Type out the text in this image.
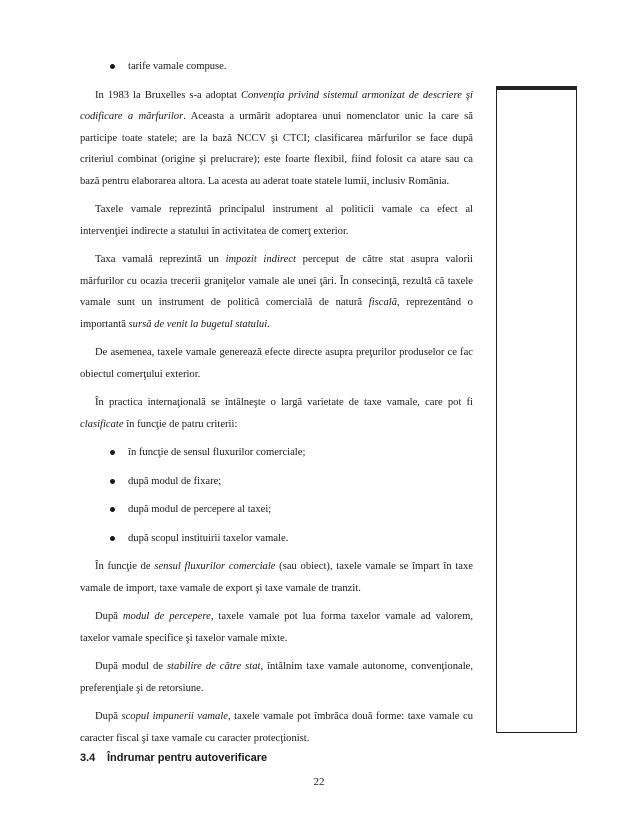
tarife vamale compuse.

In 1983 la Bruxelles s-a adoptat Convenţia privind sistemul armonizat de descriere şi codificare a mărfurilor. Aceasta a urmărit adoptarea unui nomenclator unic la care să participe toate statele; are la bază NCCV şi CTCI; clasificarea mărfurilor se face după criteriul combinat (origine şi prelucrare); este foarte flexibil, fiind folosit ca atare sau ca bază pentru elaborarea altora. La acesta au aderat toate statele lumii, inclusiv România.

Taxele vamale reprezintă principalul instrument al politicii vamale ca efect al intervenţiei indirecte a statului în activitatea de comerţ exterior.

Taxa vamală reprezintă un impozit indirect perceput de către stat asupra valorii mărfurilor cu ocazia trecerii graniţelor vamale ale unei ţări. În consecinţă, rezultă că taxele vamale sunt un instrument de politică comercială de natură fiscală, reprezentând o importantă sursă de venit la bugetul statului.

De asemenea, taxele vamale generează efecte directe asupra preţurilor produselor ce fac obiectul comerţului exterior.

În practica internaţională se întâlneşte o largă varietate de taxe vamale, care pot fi clasificate în funcţie de patru criterii:

în funcţie de sensul fluxurilor comerciale;
după modul de fixare;
după modul de percepere al taxei;
după scopul instituirii taxelor vamale.

În funcţie de sensul fluxurilor comerciale (sau obiect), taxele vamale se împart în taxe vamale de import, taxe vamale de export şi taxe vamale de tranzit.

După modul de percepere, taxele vamale pot lua forma taxelor vamale ad valorem, taxelor vamale specifice şi taxelor vamale mixte.

După modul de stabilire de către stat, întâlnim taxe vamale autonome, convenţionale, preferenţiale şi de retorsiune.

După scopul impunerii vamale, taxele vamale pot îmbrăca două forme: taxe vamale cu caracter fiscal şi taxe vamale cu caracter protecţionist.

3.4 Îndrumar pentru autoverificare
22
